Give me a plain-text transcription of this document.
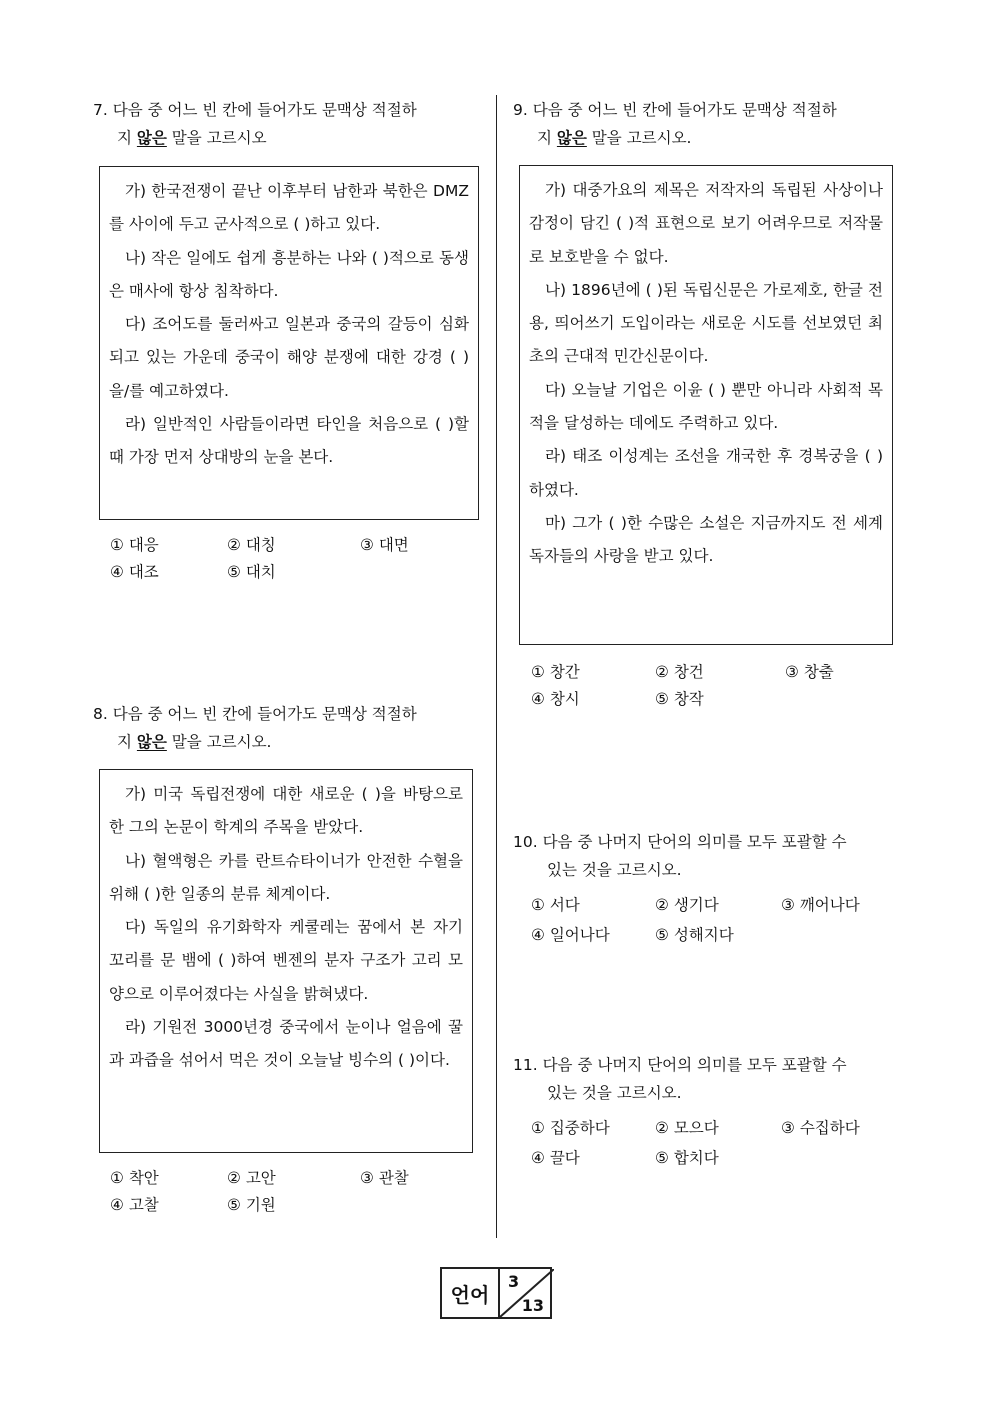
7. 다음 중 어느 빈 칸에 들어가도 문맥상 적절하
지 않은 말을 고르시오

가) 한국전쟁이 끝난 이후부터 남한과 북한은 DMZ를 사이에 두고 군사적으로 ( )하고 있다.

나) 작은 일에도 쉽게 흥분하는 나와 ( )적으로 동생은 매사에 항상 침착하다.

다) 조어도를 둘러싸고 일본과 중국의 갈등이 심화되고 있는 가운데 중국이 해양 분쟁에 대한 강경 ( )을/를 예고하였다.

라) 일반적인 사람들이라면 타인을 처음으로 ( )할 때 가장 먼저 상대방의 눈을 본다.

① 대응	② 대칭	③ 대면
④ 대조	⑤ 대치
8. 다음 중 어느 빈 칸에 들어가도 문맥상 적절하
지 않은 말을 고르시오.

가) 미국 독립전쟁에 대한 새로운 ( )을 바탕으로 한 그의 논문이 학계의 주목을 받았다.

나) 혈액형은 카를 란트슈타이너가 안전한 수혈을 위해 ( )한 일종의 분류 체계이다.

다) 독일의 유기화학자 케쿨레는 꿈에서 본 자기 꼬리를 문 뱀에 ( )하여 벤젠의 분자 구조가 고리 모양으로 이루어졌다는 사실을 밝혀냈다.

라) 기원전 3000년경 중국에서 눈이나 얼음에 꿀과 과즙을 섞어서 먹은 것이 오늘날 빙수의 ( )이다.

① 착안	② 고안	③ 관찰
④ 고찰	⑤ 기원
9. 다음 중 어느 빈 칸에 들어가도 문맥상 적절하
지 않은 말을 고르시오.

가) 대중가요의 제목은 저작자의 독립된 사상이나 감정이 담긴 ( )적 표현으로 보기 어려우므로 저작물로 보호받을 수 없다.

나) 1896년에 ( )된 독립신문은 가로제호, 한글 전용, 띄어쓰기 도입이라는 새로운 시도를 선보였던 최초의 근대적 민간신문이다.

다) 오늘날 기업은 이윤 ( ) 뿐만 아니라 사회적 목적을 달성하는 데에도 주력하고 있다.

라) 태조 이성계는 조선을 개국한 후 경복궁을 ( )하였다.

마) 그가 ( )한 수많은 소설은 지금까지도 전 세계 독자들의 사랑을 받고 있다.

① 창간	② 창건	③ 창출
④ 창시	⑤ 창작
10. 다음 중 나머지 단어의 의미를 모두 포괄할 수
있는 것을 고르시오.
① 서다	② 생기다	③ 깨어나다
④ 일어나다	⑤ 성해지다
11. 다음 중 나머지 단어의 의미를 모두 포괄할 수
있는 것을 고르시오.
① 집중하다	② 모으다	③ 수집하다
④ 끌다	⑤ 합치다
언어
3
13
